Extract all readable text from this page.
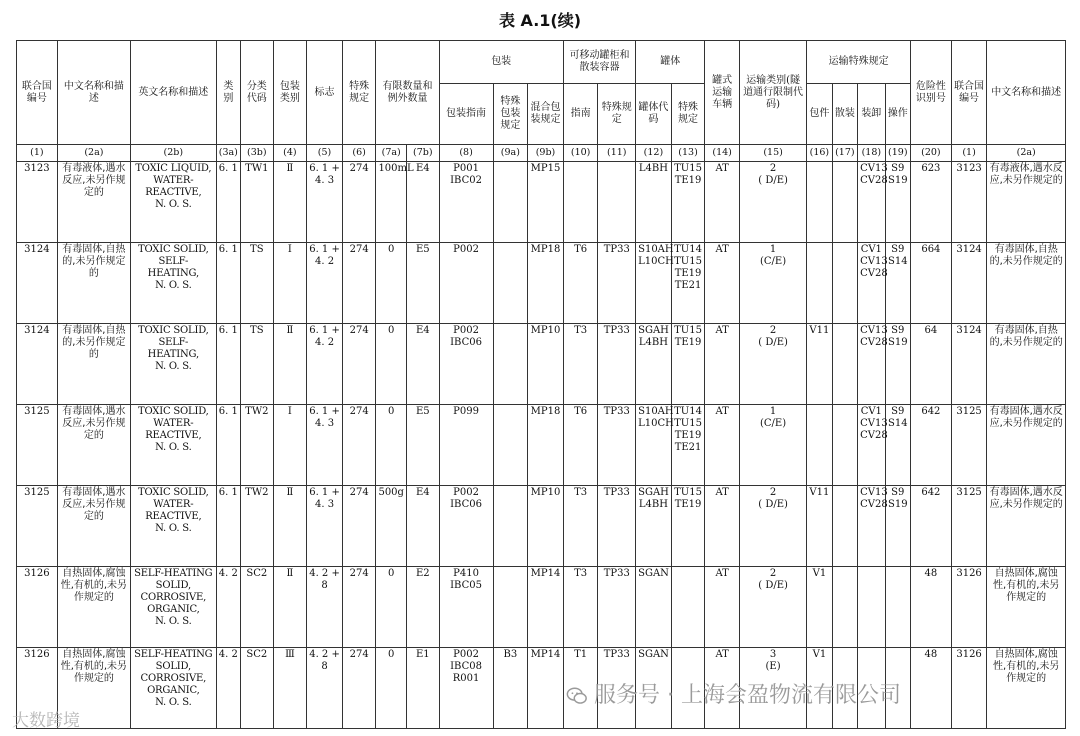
表 A.1(续)
联合国编号	中文名称和描述	英文名称和描述	类别	分类代码	包装类别	标志	特殊规定	有限数量和例外数量		包装			可移动罐柜和散装容器		罐体		罐式运输车辆	运输类别(隧道通行限制代码)	运输特殊规定				危险性识别号	联合国编号	中文名称和描述
										包装指南	特殊包装规定	混合包装规定	指南	特殊规定	罐体代码	特殊规定			包件	散装	装卸	操作			
(1)	(2a)	(2b)	(3a)	(3b)	(4)	(5)	(6)	(7a)	(7b)	(8)	(9a)	(9b)	(10)	(11)	(12)	(13)	(14)	(15)	(16)	(17)	(18)	(19)	(20)	(1)	(2a)
3123	有毒液体,遇水反应,未另作规定的	TOXIC LIQUID,
WATER-
REACTIVE,
N. O. S.	6. 1	TW1	Ⅱ	6. 1 +
4. 3	274	100mL	E4	P001
IBC02		MP15			L4BH	TU15
TE19	AT	2
( D/E)			CV13
CV28	S9
S19	623	3123	有毒液体,遇水反应,未另作规定的
3124	有毒固体,自热的,未另作规定的	TOXIC SOLID,
SELF-HEATING,
N. O. S.	6. 1	TS	Ⅰ	6. 1 +
4. 2	274	0	E5	P002		MP18	T6	TP33	S10AH
L10CH	TU14
TU15
TE19
TE21	AT	1
(C/E)			CV1
CV13
CV28	S9
S14	664	3124	有毒固体,自热的,未另作规定的
3124	有毒固体,自热的,未另作规定的	TOXIC SOLID,
SELF-HEATING,
N. O. S.	6. 1	TS	Ⅱ	6. 1 +
4. 2	274	0	E4	P002
IBC06		MP10	T3	TP33	SGAH
L4BH	TU15
TE19	AT	2
( D/E)	V11		CV13
CV28	S9
S19	64	3124	有毒固体,自热的,未另作规定的
3125	有毒固体,遇水反应,未另作规定的	TOXIC SOLID,
WATER-
REACTIVE,
N. O. S.	6. 1	TW2	Ⅰ	6. 1 +
4. 3	274	0	E5	P099		MP18	T6	TP33	S10AH
L10CH	TU14
TU15
TE19
TE21	AT	1
(C/E)			CV1
CV13
CV28	S9
S14	642	3125	有毒固体,遇水反应,未另作规定的
3125	有毒固体,遇水反应,未另作规定的	TOXIC SOLID,
WATER-
REACTIVE,
N. O. S.	6. 1	TW2	Ⅱ	6. 1 +
4. 3	274	500g	E4	P002
IBC06		MP10	T3	TP33	SGAH
L4BH	TU15
TE19	AT	2
( D/E)	V11		CV13
CV28	S9
S19	642	3125	有毒固体,遇水反应,未另作规定的
3126	自热固体,腐蚀性,有机的,未另作规定的	SELF-HEATING
SOLID,
CORROSIVE,
ORGANIC,
N. O. S.	4. 2	SC2	Ⅱ	4. 2 +
8	274	0	E2	P410
IBC05		MP14	T3	TP33	SGAN		AT	2
( D/E)	V1				48	3126	自热固体,腐蚀性,有机的,未另作规定的
3126	自热固体,腐蚀性,有机的,未另作规定的	SELF-HEATING
SOLID,
CORROSIVE,
ORGANIC,
N. O. S.	4. 2	SC2	Ⅲ	4. 2 +
8	274	0	E1	P002
IBC08
R001	B3	MP14	T1	TP33	SGAN		AT	3
(E)	V1				48	3126	自热固体,腐蚀性,有机的,未另作规定的
服务号 · 上海会盈物流有限公司
大数跨境
